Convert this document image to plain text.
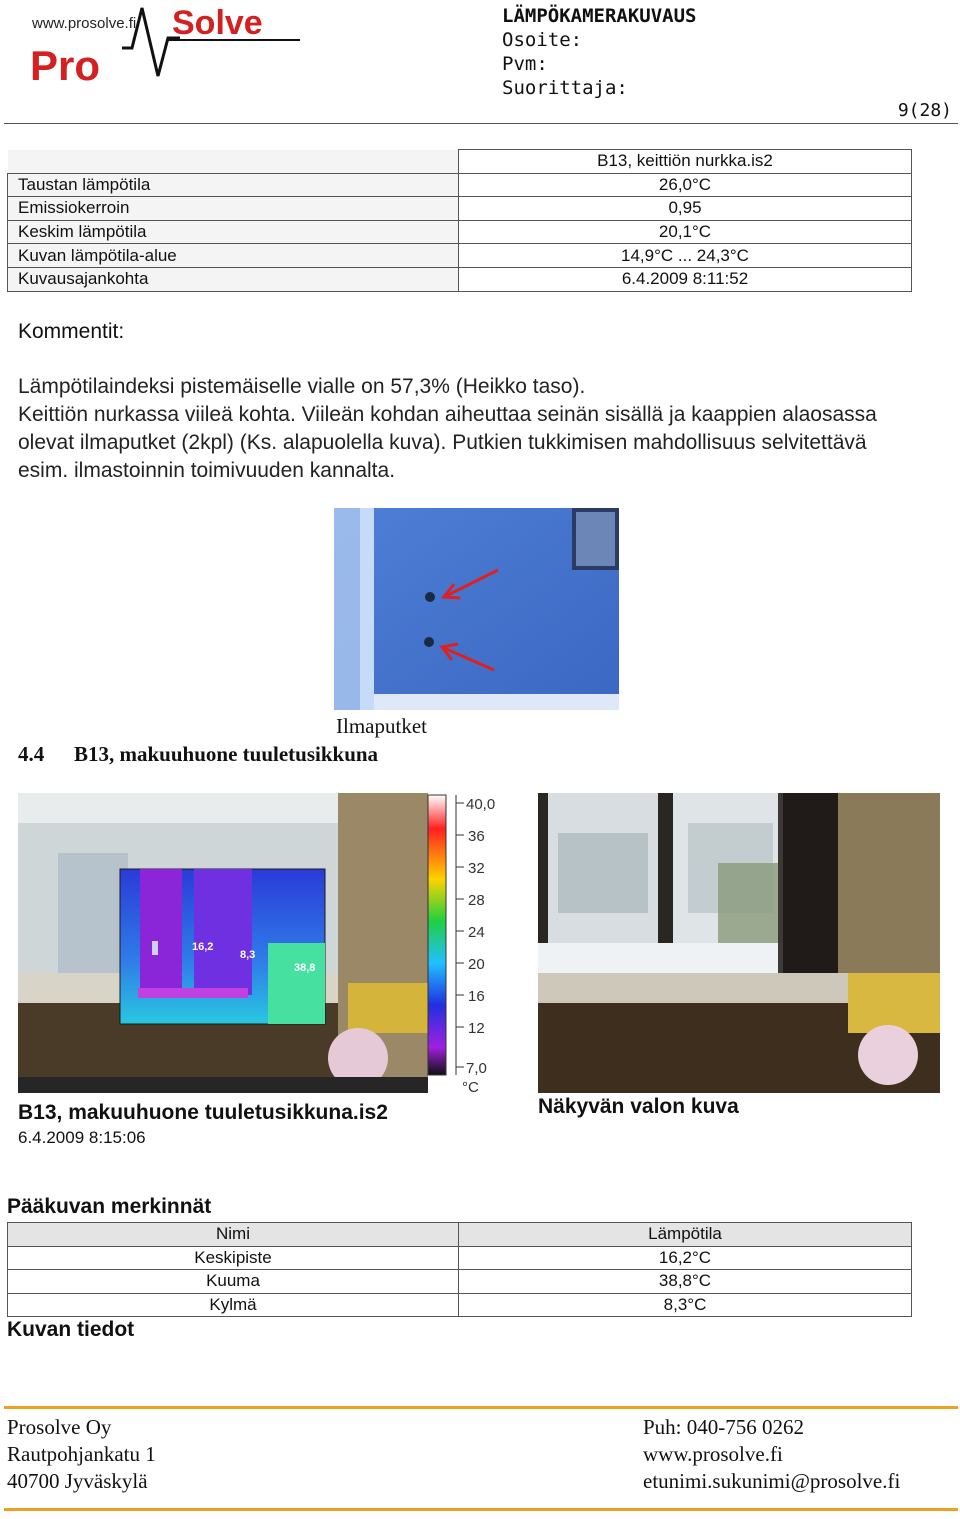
www.prosolve.fi Solve
Pro
LÄMPÖKAMERAKUVAUS
Osoite:
Pvm:
Suorittaja:
9(28)
	B13, keittiön nurkka.is2
Taustan lämpötila	26,0°C
Emissiokerroin	0,95
Keskim lämpötila	20,1°C
Kuvan lämpötila-alue	14,9°C ... 24,3°C
Kuvausajankohta	6.4.2009 8:11:52
Kommentit:
Lämpötilaindeksi pistemäiselle vialle on 57,3% (Heikko taso).
Keittiön nurkassa viileä kohta. Viileän kohdan aiheuttaa seinän sisällä ja kaappien alaosassa olevat ilmaputket (2kpl) (Ks. alapuolella kuva). Putkien tukkimisen mahdollisuus selvitettävä esim. ilmastoinnin toimivuuden kannalta.
Ilmaputket
4.4 B13, makuuhuone tuuletusikkuna
16,2
8,3
38,8
40,0
36
32
28
24
20
16
12
7,0
°C
B13, makuuhuone tuuletusikkuna.is2
6.4.2009 8:15:06
Näkyvän valon kuva
Pääkuvan merkinnät
Nimi	Lämpötila
Keskipiste	16,2°C
Kuuma	38,8°C
Kylmä	8,3°C
Kuvan tiedot
Prosolve Oy
Rautpohjankatu 1
40700 Jyväskylä
Puh: 040-756 0262
www.prosolve.fi
etunimi.sukunimi@prosolve.fi
